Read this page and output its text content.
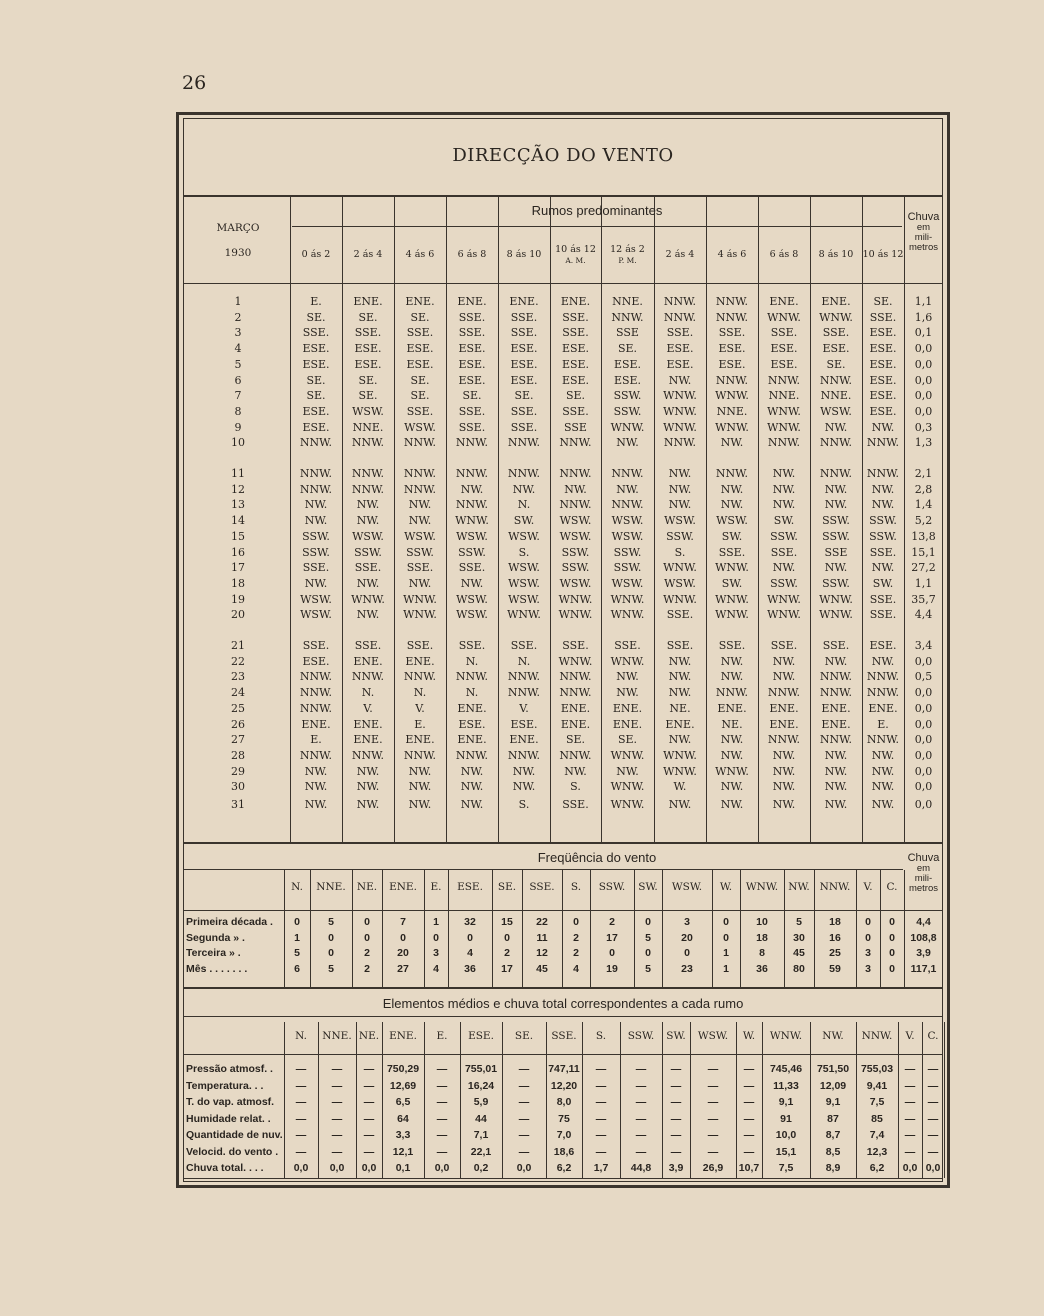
26
DIRECÇÃO DO VENTO
MARÇO
1930
Rumos predominantes	Chuva
em
mili-
metros
0 ás 2	2 ás 4	4 ás 6	6 ás 8	8 ás 10	10 ás 12
A. M.
12 ás 2
P. M.
2 ás 4	4 ás 6	6 ás 8	8 ás 10 10 ás 12
1	E.	ENE.	ENE.	ENE.	ENE.	ENE.	NNE.	NNW.	NNW.	ENE.	ENE.	SE.	1,1
2	SE.	SE.	SE.	SSE.	SSE.	SSE.	NNW.	NNW.	NNW.	WNW.	WNW.	SSE.	1,6
3	SSE.	SSE.	SSE.	SSE.	SSE.	SSE.	SSE	SSE.	SSE.	SSE.	SSE.	ESE.	0,1
4	ESE.	ESE.	ESE.	ESE.	ESE.	ESE.	SE.	ESE.	ESE.	ESE.	ESE.	ESE.	0,0
5	ESE.	ESE.	ESE.	ESE.	ESE.	ESE.	ESE.	ESE.	ESE.	ESE.	SE.	ESE.	0,0
6	SE.	SE.	SE.	ESE.	ESE.	ESE.	ESE.	NW.	NNW.	NNW.	NNW.	ESE.	0,0
7	SE.	SE.	SE.	SE.	SE.	SE.	SSW.	WNW.	WNW.	NNE.	NNE.	ESE.	0,0
8	ESE.	WSW.	SSE.	SSE.	SSE.	SSE.	SSW.	WNW.	NNE.	WNW.	WSW.	ESE.	0,0
9	ESE.	NNE.	WSW.	SSE.	SSE.	SSE	WNW.	WNW.	WNW.	WNW.	NW.	NW.	0,3
10	NNW.	NNW.	NNW.	NNW.	NNW.	NNW.	NW.	NNW.	NW.	NNW.	NNW.	NNW.	1,3
11	NNW.	NNW.	NNW.	NNW.	NNW.	NNW.	NNW.	NW.	NNW.	NW.	NNW.	NNW.	2,1
12	NNW.	NNW.	NNW.	NW.	NW.	NW.	NW.	NW.	NW.	NW.	NW.	NW.	2,8
13	NW.	NW.	NW.	NNW.	N.	NNW.	NNW.	NW.	NW.	NW.	NW.	NW.	1,4
14	NW.	NW.	NW.	WNW.	SW.	WSW.	WSW.	WSW.	WSW.	SW.	SSW.	SSW.	5,2
15	SSW.	WSW.	WSW.	WSW.	WSW.	WSW.	WSW.	SSW.	SW.	SSW.	SSW.	SSW.	13,8
16	SSW.	SSW.	SSW.	SSW.	S.	SSW.	SSW.	S.	SSE.	SSE.	SSE	SSE.	15,1
17	SSE.	SSE.	SSE.	SSE.	WSW.	SSW.	SSW.	WNW.	WNW.	NW.	NW.	NW.	27,2
18	NW.	NW.	NW.	NW.	WSW.	WSW.	WSW.	WSW.	SW.	SSW.	SSW.	SW.	1,1
19	WSW.	WNW.	WNW.	WSW.	WSW.	WNW.	WNW.	WNW.	WNW.	WNW.	WNW.	SSE.	35,7
20	WSW.	NW.	WNW.	WSW.	WNW.	WNW.	WNW.	SSE.	WNW.	WNW.	WNW.	SSE.	4,4
21	SSE.	SSE.	SSE.	SSE.	SSE.	SSE.	SSE.	SSE.	SSE.	SSE.	SSE.	ESE.	3,4
22	ESE.	ENE.	ENE.	N.	N.	WNW.	WNW.	NW.	NW.	NW.	NW.	NW.	0,0
23	NNW.	NNW.	NNW.	NNW.	NNW.	NNW.	NW.	NW.	NW.	NW.	NNW.	NNW.	0,5
24	NNW.	N.	N.	N.	NNW.	NNW.	NW.	NW.	NNW.	NNW.	NNW.	NNW.	0,0
25	NNW.	V.	V.	ENE.	V.	ENE.	ENE.	NE.	ENE.	ENE.	ENE.	ENE.	0,0
26	ENE.	ENE.	E.	ESE.	ESE.	ENE.	ENE.	ENE.	NE.	ENE.	ENE.	E.	0,0
27	E.	ENE.	ENE.	ENE.	ENE.	SE.	SE.	NW.	NW.	NNW.	NNW.	NNW.	0,0
28	NNW.	NNW.	NNW.	NNW.	NNW.	NNW.	WNW.	WNW.	NW.	NW.	NW.	NW.	0,0
29	NW.	NW.	NW.	NW.	NW.	NW.	NW.	WNW.	WNW.	NW.	NW.	NW.	0,0
30	NW.	NW.	NW.	NW.	NW.	S.	WNW.	W.	NW.	NW.	NW.	NW.	0,0
31	NW.	NW.	NW.	NW.	S.	SSE.	WNW.	NW.	NW.	NW.	NW.	NW.	0,0
Freqüência do vento	Chuva
em
mili-
metros
N.	NNE.	NE.	ENE.	E.	ESE.	SE.	SSE.	S.	SSW.	SW.	WSW.	W.	WNW. NW. NNW.	V.	C.
Primeira década .	0	5	0	7	1	32	15	22	0	2	0	3	0	10	5	18	0	0	4,4
Segunda » .	1	0	0	0	0	0	0	11	2	17	5	20	0	18	30	16	0	0	108,8
Terceira » .	5	0	2	20	3	4	2	12	2	0	0	0	1	8	45	25	3	0	3,9
Mês . . . . . . .	6	5	2	27	4	36	17	45	4	19	5	23	1	36	80	59	3	0	117,1
Elementos médios e chuva total correspondentes a cada rumo
N.	NNE. NE. ENE.	E.	ESE.	SE.	SSE.	S.	SSW.	SW.	WSW.	W.	WNW.	NW.	NNW.	V.	C.
Pressão atmosf. .	—	—	—	750,29	—	755,01	—	747,11	—	—	—	—	—	745,46	751,50	755,03	—	—
Temperatura. . .	—	—	—	12,69	—	16,24	—	12,20	—	—	—	—	—	11,33	12,09	9,41	—	—
T. do vap. atmosf.	—	—	—	6,5	—	5,9	—	8,0	—	—	—	—	—	9,1	9,1	7,5	—	—
Humidade relat. .	—	—	—	64	—	44	—	75	—	—	—	—	—	91	87	85	—	—
Quantidade de nuv.	—	—	—	3,3	—	7,1	—	7,0	—	—	—	—	—	10,0	8,7	7,4	—	—
Velocid. do vento .	—	—	—	12,1	—	22,1	—	18,6	—	—	—	—	—	15,1	8,5	12,3	—	—
Chuva total. . . .	0,0	0,0	0,0	0,1	0,0	0,2	0,0	6,2	1,7	44,8	3,9	26,9	10,7	7,5	8,9	6,2	0,0 0,0
